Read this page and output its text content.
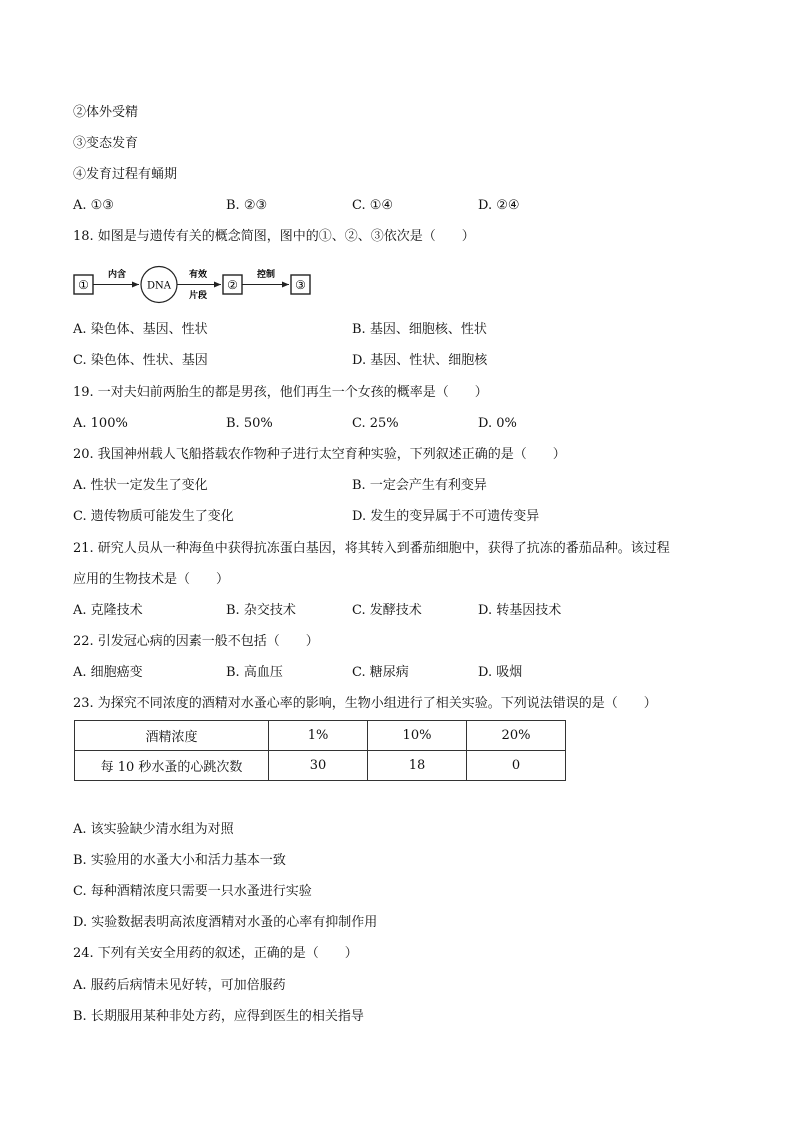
②体外受精
③变态发育
④发育过程有蛹期
A. ①③	B. ②③	C. ①④	D. ②④
18. 如图是与遗传有关的概念简图，图中的①、②、③依次是（　　）
①
内含
DNA
有效
片段
②
控制
③
A. 染色体、基因、性状	B. 基因、细胞核、性状
C. 染色体、性状、基因	D. 基因、性状、细胞核
19. 一对夫妇前两胎生的都是男孩，他们再生一个女孩的概率是（　　）
A. 100%	B. 50%	C. 25%	D. 0%
20. 我国神州载人飞船搭载农作物种子进行太空育种实验，下列叙述正确的是（　　）
A. 性状一定发生了变化	B. 一定会产生有利变异
C. 遗传物质可能发生了变化	D. 发生的变异属于不可遗传变异
21. 研究人员从一种海鱼中获得抗冻蛋白基因，将其转入到番茄细胞中，获得了抗冻的番茄品种。该过程
应用的生物技术是（　　）
A. 克隆技术	B. 杂交技术	C. 发酵技术	D. 转基因技术
22. 引发冠心病的因素一般不包括（　　）
A. 细胞癌变	B. 高血压	C. 糖尿病	D. 吸烟
23. 为探究不同浓度的酒精对水蚤心率的影响，生物小组进行了相关实验。下列说法错误的是（　　）
酒精浓度	1%	10%	20%
每 10 秒水蚤的心跳次数	30	18	0
A. 该实验缺少清水组为对照
B. 实验用的水蚤大小和活力基本一致
C. 每种酒精浓度只需要一只水蚤进行实验
D. 实验数据表明高浓度酒精对水蚤的心率有抑制作用
24. 下列有关安全用药的叙述，正确的是（　　）
A. 服药后病情未见好转，可加倍服药
B. 长期服用某种非处方药，应得到医生的相关指导
